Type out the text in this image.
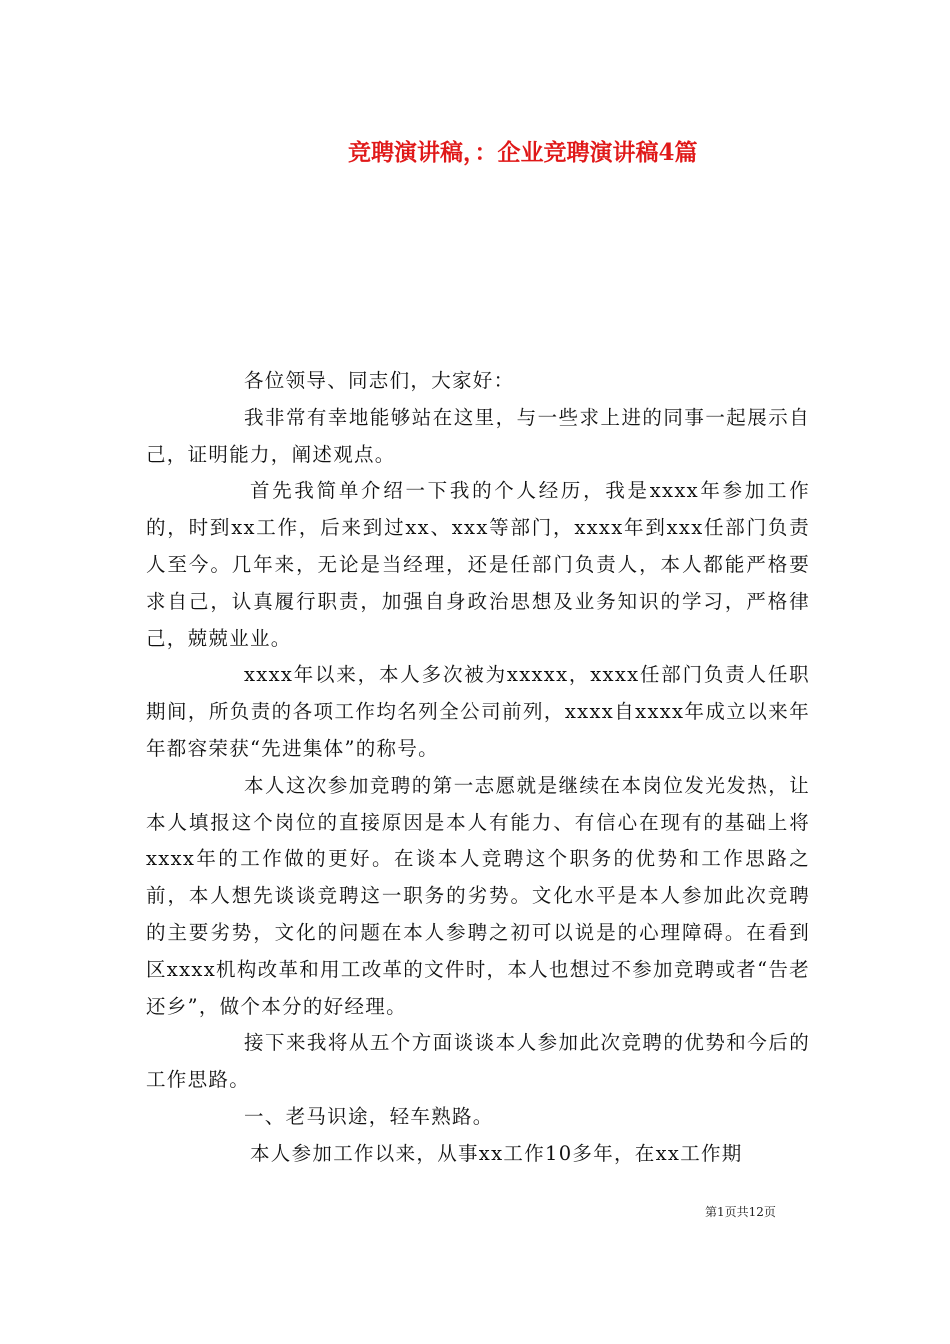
竞聘演讲稿，：企业竞聘演讲稿4篇

各位领导、同志们，大家好：

我非常有幸地能够站在这里，与一些求上进的同事一起展示自己，证明能力，阐述观点。

首先我简单介绍一下我的个人经历，我是xxxx年参加工作的，时到xx工作，后来到过xx、xxx等部门，xxxx年到xxx任部门负责人至今。几年来，无论是当经理，还是任部门负责人，本人都能严格要求自己，认真履行职责，加强自身政治思想及业务知识的学习，严格律己，兢兢业业。

xxxx年以来，本人多次被为xxxxx，xxxx任部门负责人任职期间，所负责的各项工作均名列全公司前列，xxxx自xxxx年成立以来年年都容荣获“先进集体”的称号。

本人这次参加竞聘的第一志愿就是继续在本岗位发光发热，让本人填报这个岗位的直接原因是本人有能力、有信心在现有的基础上将xxxx年的工作做的更好。在谈本人竞聘这个职务的优势和工作思路之前，本人想先谈谈竞聘这一职务的劣势。文化水平是本人参加此次竞聘的主要劣势，文化的问题在本人参聘之初可以说是的心理障碍。在看到区xxxx机构改革和用工改革的文件时，本人也想过不参加竞聘或者“告老还乡”，做个本分的好经理。

接下来我将从五个方面谈谈本人参加此次竞聘的优势和今后的工作思路。

一、老马识途，轻车熟路。

本人参加工作以来，从事xx工作10多年，在xx工作期

第1页共12页
